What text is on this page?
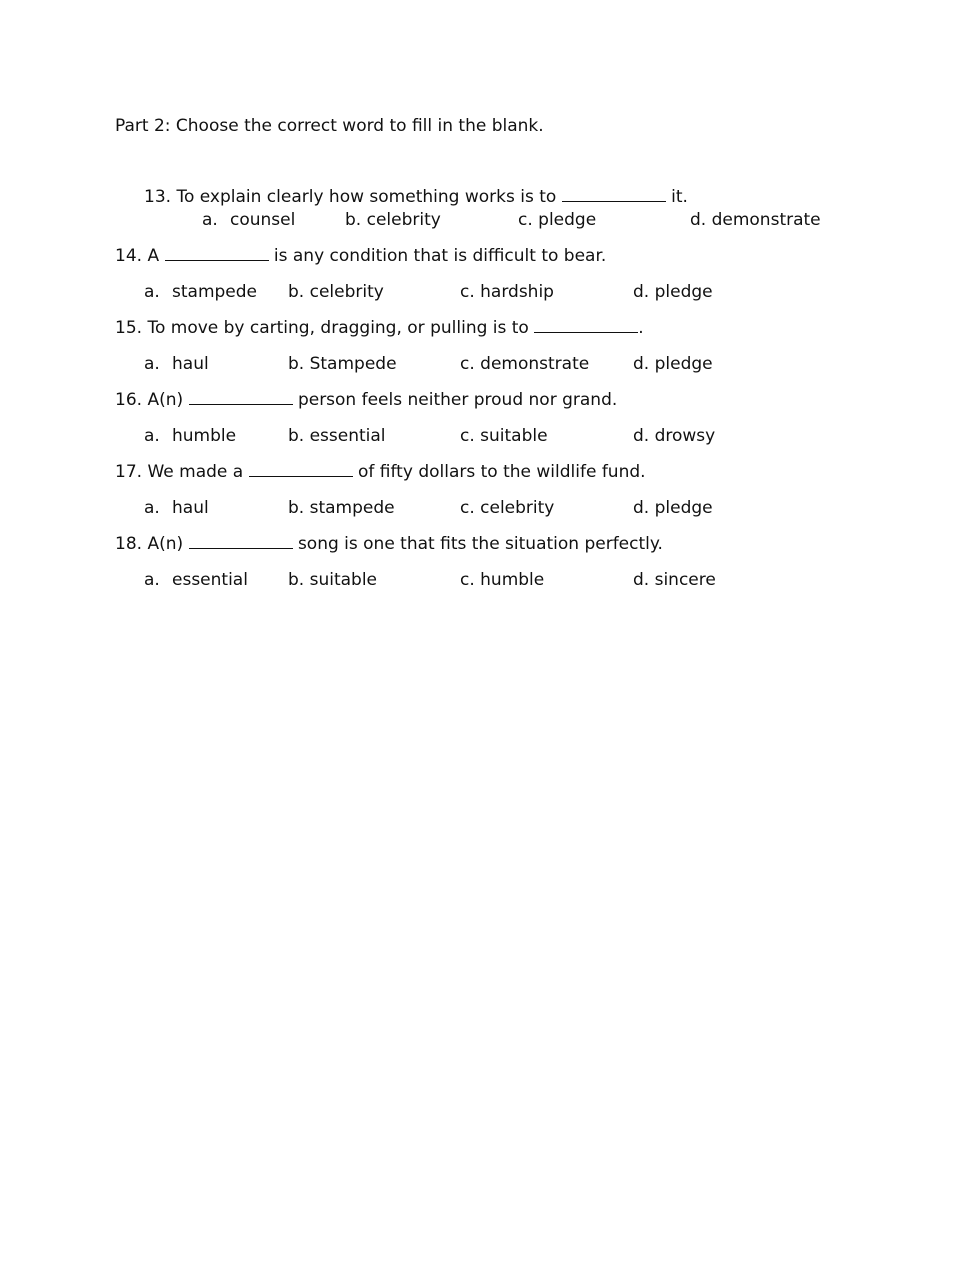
Part 2: Choose the correct word to fill in the blank.
13. To explain clearly how something works is to	it.
a. counsel	b. celebrity	c. pledge	d. demonstrate
14. A	is any condition that is difficult to bear.
a. stampede b. celebrity	c. hardship	d. pledge
15. To move by carting, dragging, or pulling is to	.
a. haul	b. Stampede	c. demonstrate	d. pledge
16. A(n)	person feels neither proud nor grand.
a. humble	b. essential	c. suitable	d. drowsy
17. We made a	of fifty dollars to the wildlife fund.
a. haul	b. stampede	c. celebrity	d. pledge
18. A(n)	song is one that fits the situation perfectly.
a. essential b. suitable	c. humble	d. sincere
